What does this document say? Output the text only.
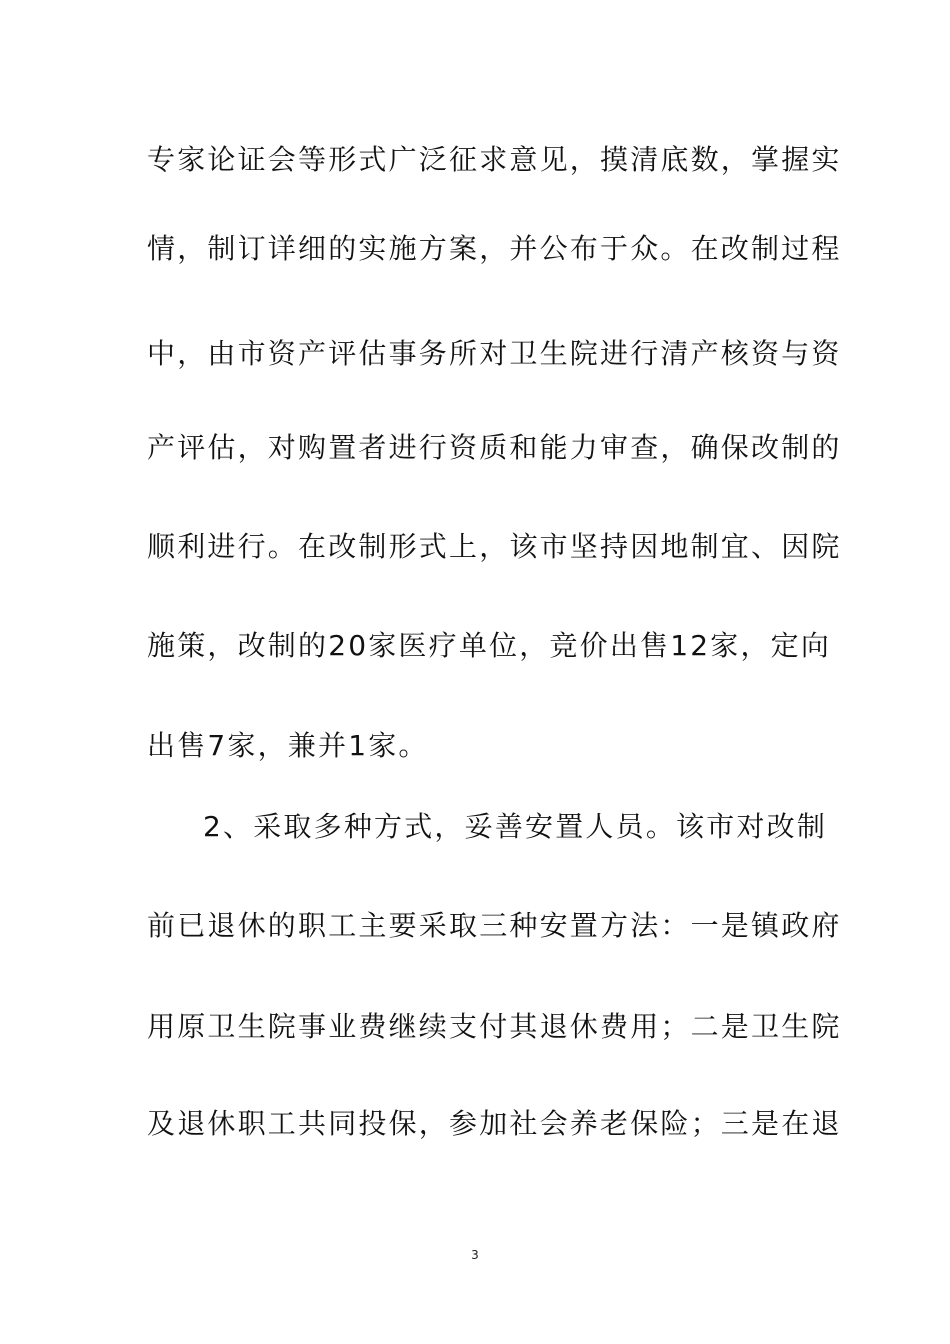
专家论证会等形式广泛征求意见，摸清底数，掌握实
情，制订详细的实施方案，并公布于众。在改制过程
中，由市资产评估事务所对卫生院进行清产核资与资
产评估，对购置者进行资质和能力审查，确保改制的
顺利进行。在改制形式上，该市坚持因地制宜、因院
施策，改制的20家医疗单位，竞价出售12家，定向
出售7家，兼并1家。
2、采取多种方式，妥善安置人员。该市对改制
前已退休的职工主要采取三种安置方法：一是镇政府
用原卫生院事业费继续支付其退休费用；二是卫生院
及退休职工共同投保，参加社会养老保险；三是在退
3
